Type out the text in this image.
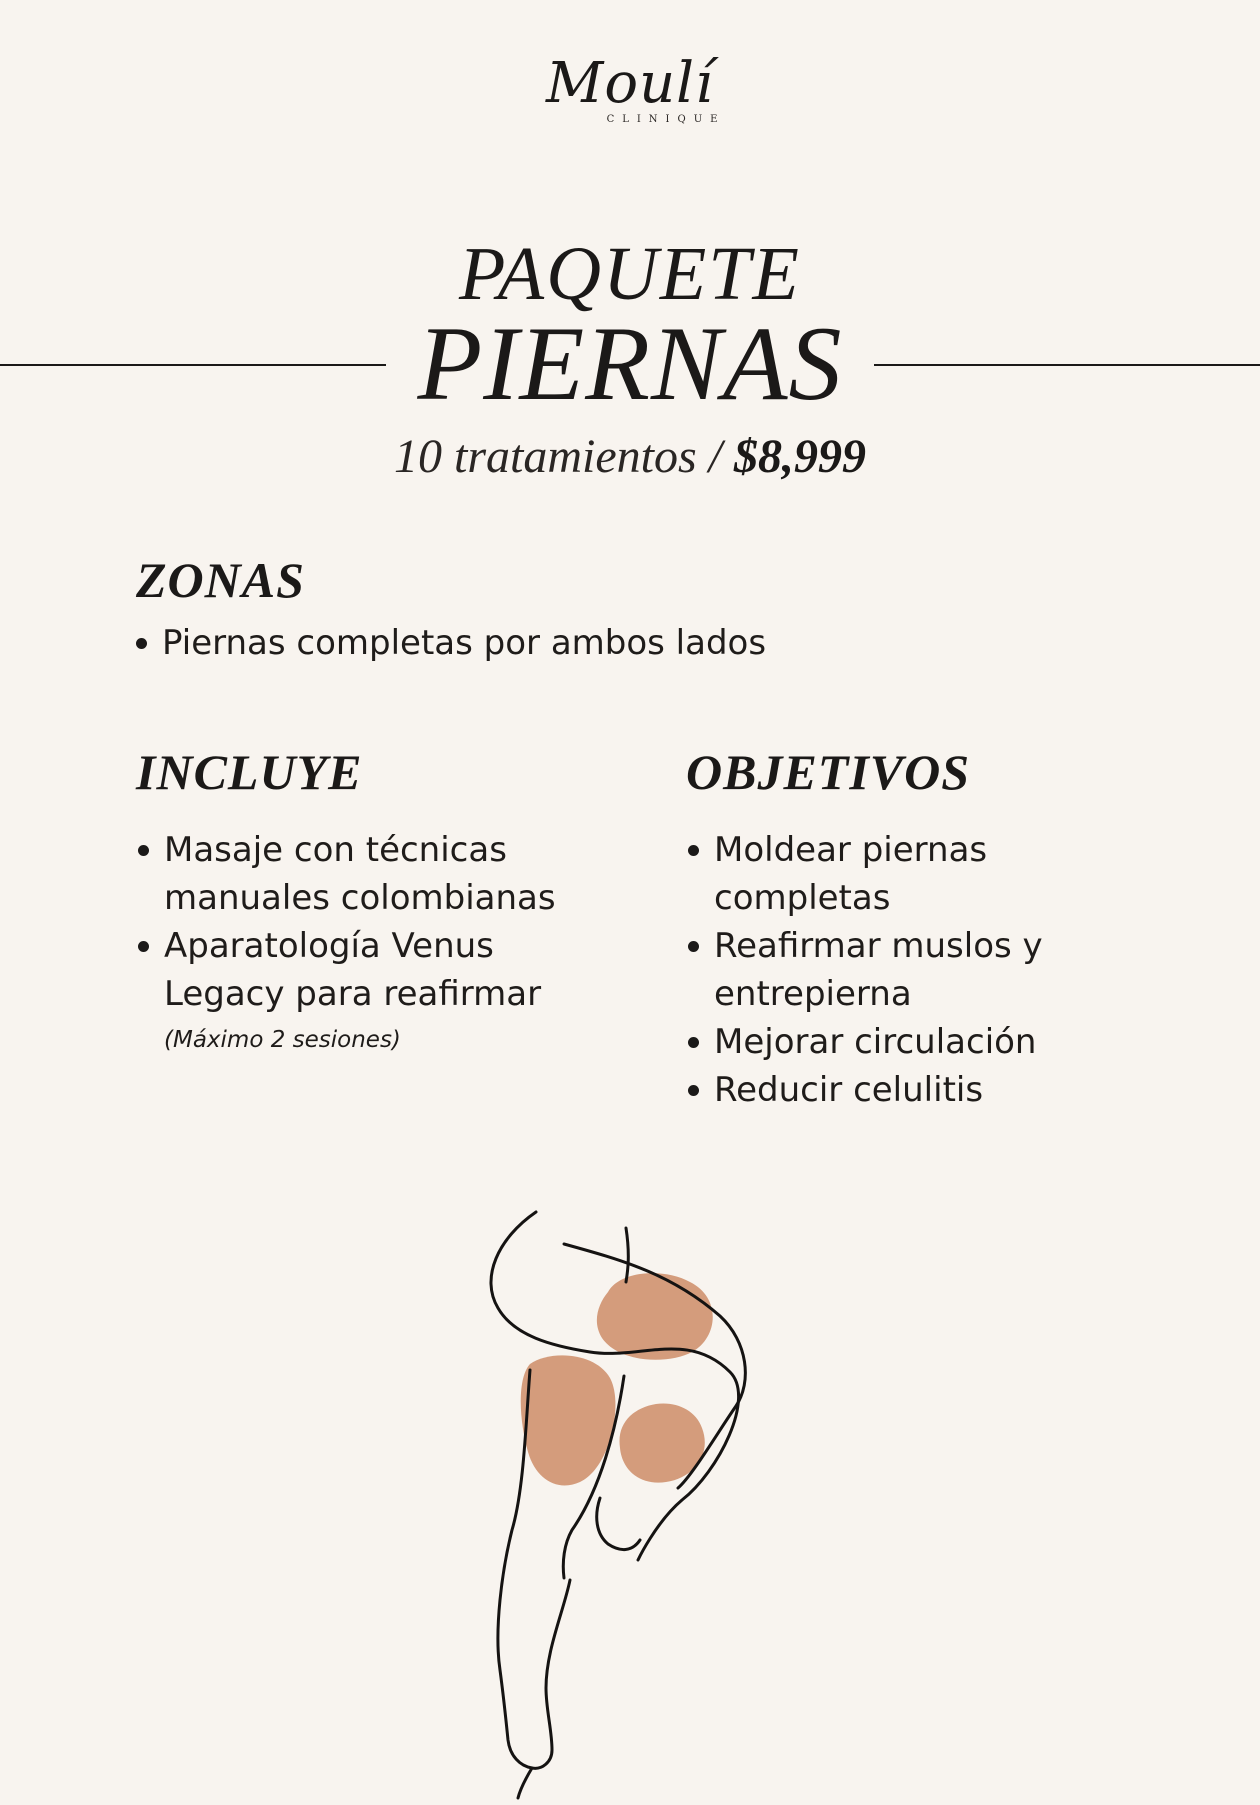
Moulí
CLINIQUE
PAQUETE
PIERNAS
10 tratamientos / $8,999
ZONAS
Piernas completas por ambos lados
INCLUYE
Masaje con técnicas manuales colombianas
Aparatología Venus Legacy para reafirmar
(Máximo 2 sesiones)
OBJETIVOS
Moldear piernas completas
Reafirmar muslos y entrepierna
Mejorar circulación
Reducir celulitis
